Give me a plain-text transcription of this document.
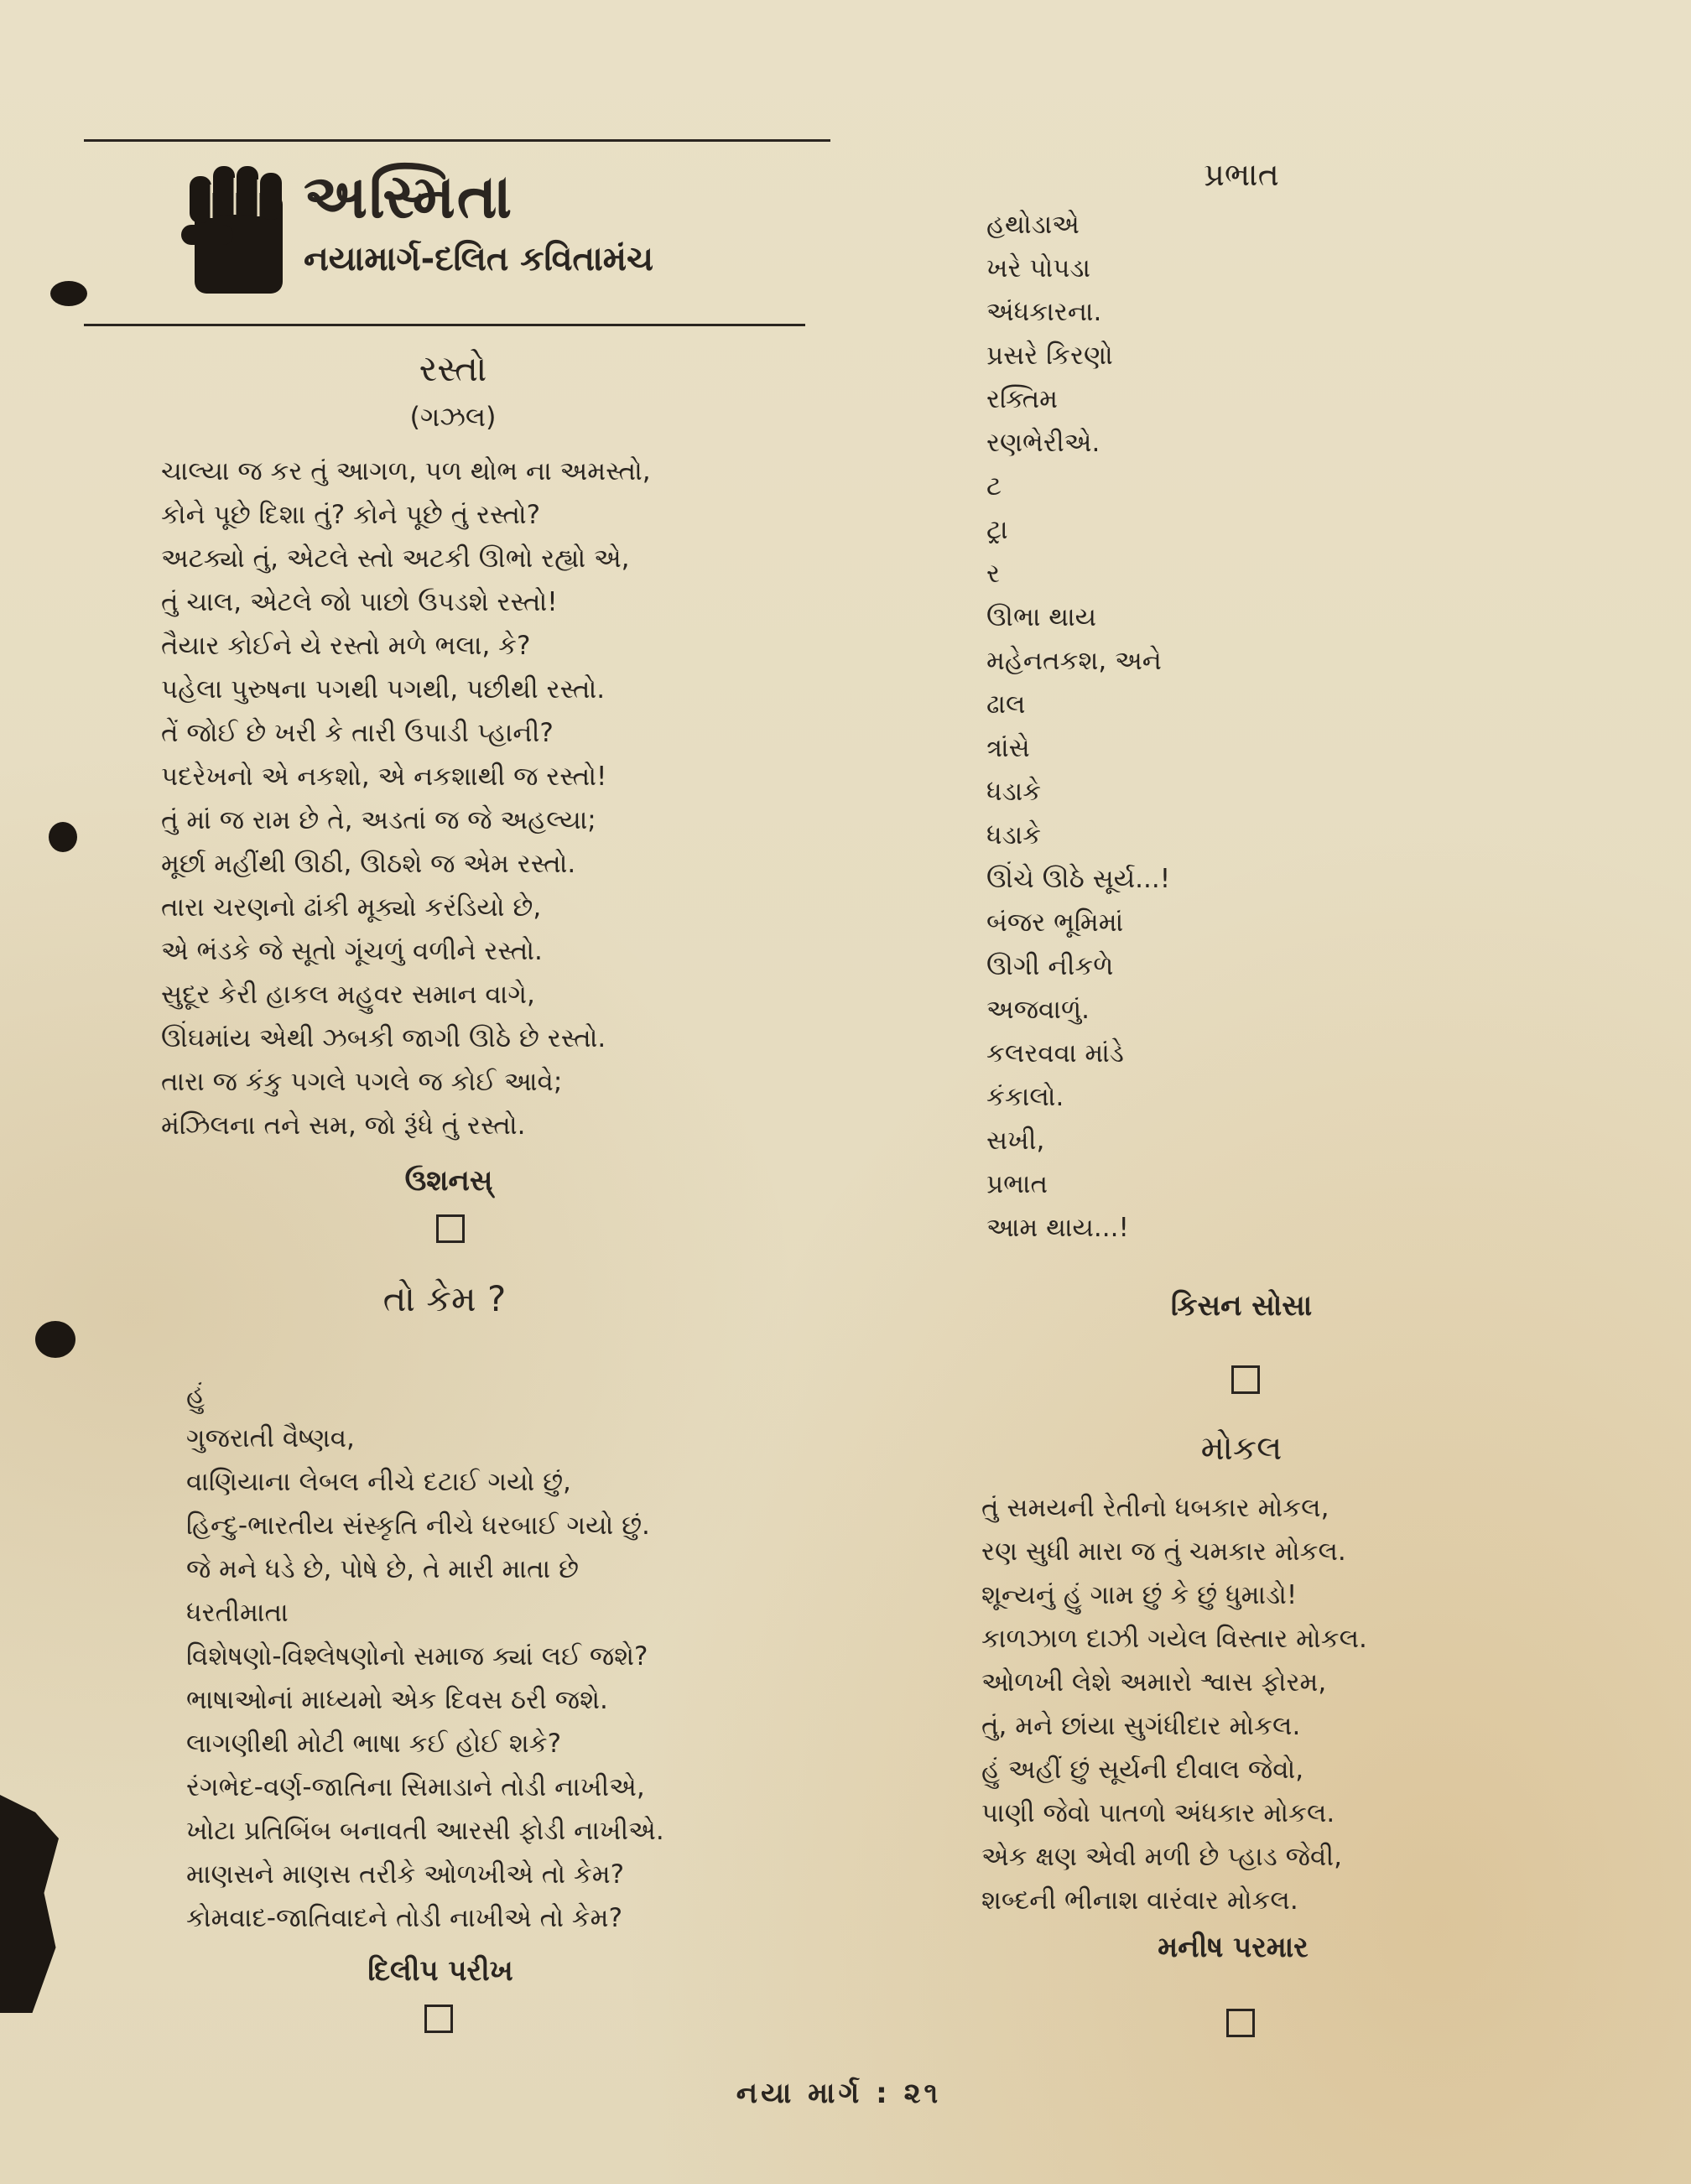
અસ્મિતા
નયામાર્ગ-દલિત કવિતામંચ
રસ્તો
(ગઝલ)
ચાલ્યા જ કર તું આગળ, પળ થોભ ના અમસ્તો,
કોને પૂછે દિશા તું? કોને પૂછે તું રસ્તો?
અટક્યો તું, એટલે સ્તો અટકી ઊભો રહ્યો એ,
તું ચાલ, એટલે જો પાછો ઉપડશે રસ્તો!
તૈયાર કોઈને યે રસ્તો મળે ભલા, કે?
પહેલા પુરુષના પગથી પગથી, પછીથી રસ્તો.
તેં જોઈ છે ખરી કે તારી ઉપાડી પ્હાની?
પદરેખનો એ નકશો, એ નકશાથી જ રસ્તો!
તું માં જ રામ છે તે, અડતાં જ જે અહલ્યા;
મૂર્છા મહીંથી ઊઠી, ઊઠશે જ એમ રસ્તો.
તારા ચરણનો ઢાંકી મૂક્યો કરંડિયો છે,
એ ભંડકે જે સૂતો ગૂંચળું વળીને રસ્તો.
સુદૂર કેરી હાકલ મહુવર સમાન વાગે,
ઊંઘમાંય એથી ઝબકી જાગી ઊઠે છે રસ્તો.
તારા જ કંકુ પગલે પગલે જ કોઈ આવે;
મંઝિલના તને સમ, જો રૂંધે તું રસ્તો.
ઉશનસ્
તો કેમ ?
હું
ગુજરાતી વૈષ્ણવ,
વાણિયાના લેબલ નીચે દટાઈ ગયો છું,
હિન્દુ-ભારતીય સંસ્કૃતિ નીચે ધરબાઈ ગયો છું.
જે મને ધડે છે, પોષે છે, તે મારી માતા છે
ધરતીમાતા
વિશેષણો-વિશ્લેષણોનો સમાજ ક્યાં લઈ જશે?
ભાષાઓનાં માધ્યમો એક દિવસ ઠરી જશે.
લાગણીથી મોટી ભાષા કઈ હોઈ શકે?
રંગભેદ-વર્ણ-જાતિના સિમાડાને તોડી નાખીએ,
ખોટા પ્રતિબિંબ બનાવતી આરસી ફોડી નાખીએ.
માણસને માણસ તરીકે ઓળખીએ તો કેમ?
કોમવાદ-જાતિવાદને તોડી નાખીએ તો કેમ?
દિલીપ પરીખ
પ્રભાત
હથોડાએ
ખરે પોપડા
અંધકારના.
પ્રસરે કિરણો
રક્તિમ
રણભેરીએ.
ટ
ટ્રા
ર
ઊભા થાય
મહેનતકશ, અને
ઢાલ
ત્રાંસે
ધડાકે
ધડાકે
ઊંચે ઊઠે સૂર્ય...!
બંજર ભૂમિમાં
ઊગી નીકળે
અજવાળું.
કલરવવા માંડે
કંકાલો.
સખી,
પ્રભાત
આમ થાય...!
કિસન સોસા
મોકલ
તું સમયની રેતીનો ધબકાર મોકલ,
રણ સુધી મારા જ તું ચમકાર મોકલ.
શૂન્યનું હું ગામ છું કે છું ધુમાડો!
કાળઝાળ દાઝી ગયેલ વિસ્તાર મોકલ.
ઓળખી લેશે અમારો શ્વાસ ફોરમ,
તું, મને છાંયા સુગંધીદાર મોકલ.
હું અહીં છું સૂર્યની દીવાલ જેવો,
પાણી જેવો પાતળો અંધકાર મોકલ.
એક ક્ષણ એવી મળી છે પ્હાડ જેવી,
શબ્દની ભીનાશ વારંવાર મોકલ.
મનીષ પરમાર
નયા માર્ગ : ૨૧
